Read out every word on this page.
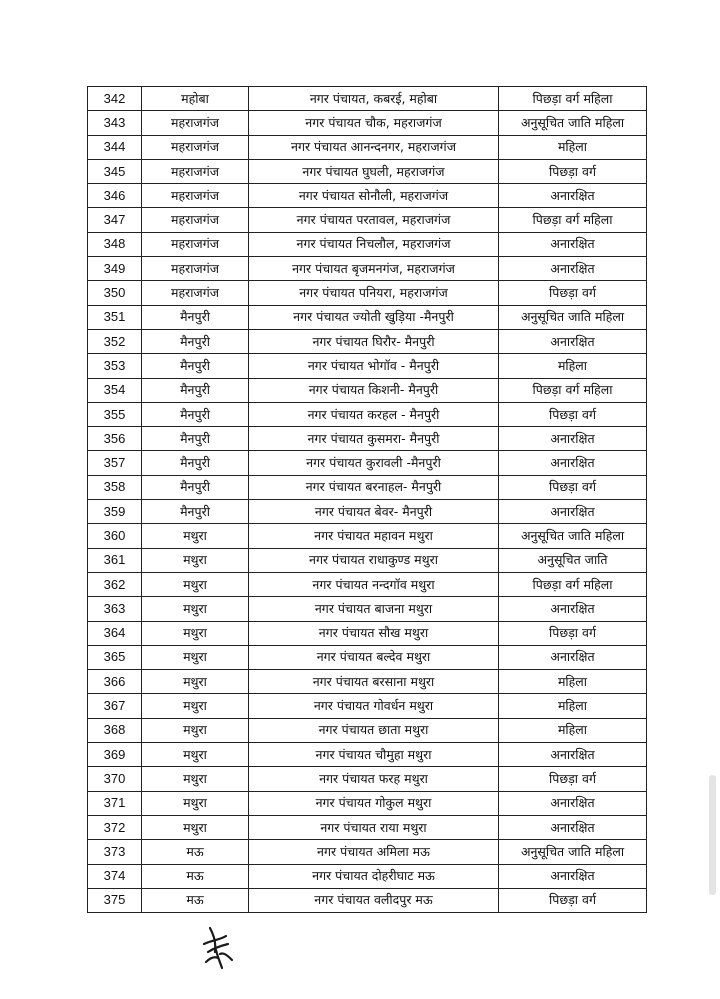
342	महोबा	नगर पंचायत, कबरई, महोबा	पिछड़ा वर्ग महिला
343	महराजगंज	नगर पंचायत चौक, महराजगंज	अनुसूचित जाति महिला
344	महराजगंज	नगर पंचायत आनन्दनगर, महराजगंज	महिला
345	महराजगंज	नगर पंचायत घुघली, महराजगंज	पिछड़ा वर्ग
346	महराजगंज	नगर पंचायत सोनौली, महराजगंज	अनारक्षित
347	महराजगंज	नगर पंचायत परतावल, महराजगंज	पिछड़ा वर्ग महिला
348	महराजगंज	नगर पंचायत निचलौल, महराजगंज	अनारक्षित
349	महराजगंज	नगर पंचायत बृजमनगंज, महराजगंज	अनारक्षित
350	महराजगंज	नगर पंचायत पनियरा, महराजगंज	पिछड़ा वर्ग
351	मैनपुरी	नगर पंचायत ज्योती खुड़िया -मैनपुरी	अनुसूचित जाति महिला
352	मैनपुरी	नगर पंचायत घिरौर- मैनपुरी	अनारक्षित
353	मैनपुरी	नगर पंचायत भोगॉव - मैनपुरी	महिला
354	मैनपुरी	नगर पंचायत किशनी- मैनपुरी	पिछड़ा वर्ग महिला
355	मैनपुरी	नगर पंचायत करहल - मैनपुरी	पिछड़ा वर्ग
356	मैनपुरी	नगर पंचायत कुसमरा- मैनपुरी	अनारक्षित
357	मैनपुरी	नगर पंचायत कुरावली -मैनपुरी	अनारक्षित
358	मैनपुरी	नगर पंचायत बरनाहल- मैनपुरी	पिछड़ा वर्ग
359	मैनपुरी	नगर पंचायत बेवर- मैनपुरी	अनारक्षित
360	मथुरा	नगर पंचायत महावन मथुरा	अनुसूचित जाति महिला
361	मथुरा	नगर पंचायत राधाकुण्ड मथुरा	अनुसूचित जाति
362	मथुरा	नगर पंचायत नन्दगॉव मथुरा	पिछड़ा वर्ग महिला
363	मथुरा	नगर पंचायत बाजना मथुरा	अनारक्षित
364	मथुरा	नगर पंचायत सौख मथुरा	पिछड़ा वर्ग
365	मथुरा	नगर पंचायत बल्देव मथुरा	अनारक्षित
366	मथुरा	नगर पंचायत बरसाना मथुरा	महिला
367	मथुरा	नगर पंचायत गोवर्धन मथुरा	महिला
368	मथुरा	नगर पंचायत छाता मथुरा	महिला
369	मथुरा	नगर पंचायत चौमुहा मथुरा	अनारक्षित
370	मथुरा	नगर पंचायत फरह मथुरा	पिछड़ा वर्ग
371	मथुरा	नगर पंचायत गोकुल मथुरा	अनारक्षित
372	मथुरा	नगर पंचायत राया मथुरा	अनारक्षित
373	मऊ	नगर पंचायत अमिला मऊ	अनुसूचित जाति महिला
374	मऊ	नगर पंचायत दोहरीघाट मऊ	अनारक्षित
375	मऊ	नगर पंचायत वलीदपुर मऊ	पिछड़ा वर्ग
